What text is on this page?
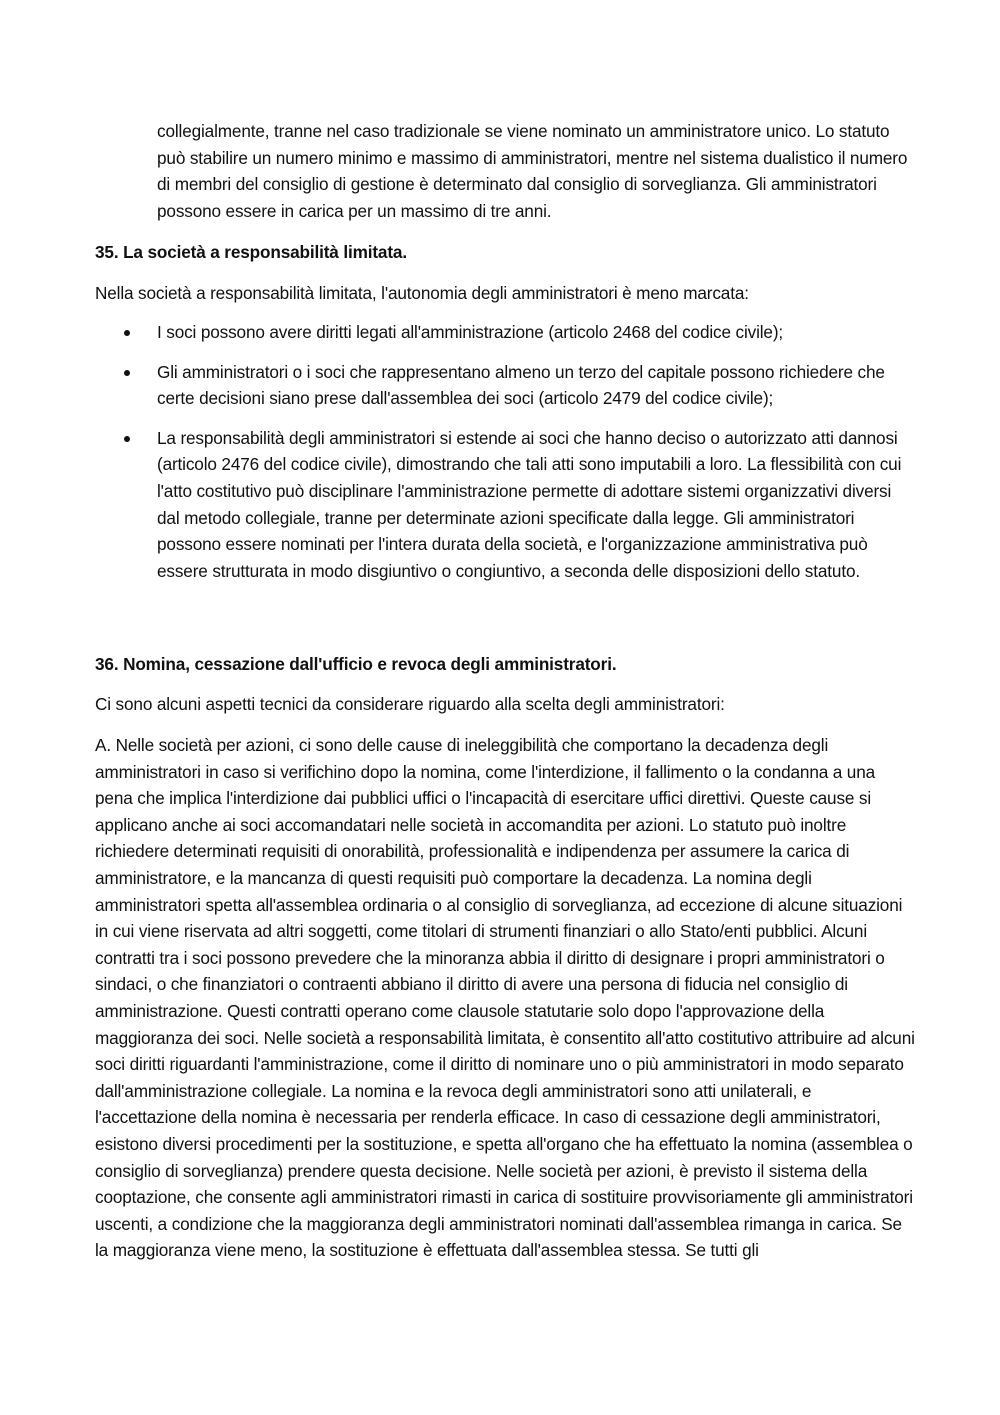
collegialmente, tranne nel caso tradizionale se viene nominato un amministratore unico. Lo statuto può stabilire un numero minimo e massimo di amministratori, mentre nel sistema dualistico il numero di membri del consiglio di gestione è determinato dal consiglio di sorveglianza. Gli amministratori possono essere in carica per un massimo di tre anni.

35. La società a responsabilità limitata.

Nella società a responsabilità limitata, l'autonomia degli amministratori è meno marcata:

I soci possono avere diritti legati all'amministrazione (articolo 2468 del codice civile);
Gli amministratori o i soci che rappresentano almeno un terzo del capitale possono richiedere che certe decisioni siano prese dall'assemblea dei soci (articolo 2479 del codice civile);
La responsabilità degli amministratori si estende ai soci che hanno deciso o autorizzato atti dannosi (articolo 2476 del codice civile), dimostrando che tali atti sono imputabili a loro. La flessibilità con cui l'atto costitutivo può disciplinare l'amministrazione permette di adottare sistemi organizzativi diversi dal metodo collegiale, tranne per determinate azioni specificate dalla legge. Gli amministratori possono essere nominati per l'intera durata della società, e l'organizzazione amministrativa può essere strutturata in modo disgiuntivo o congiuntivo, a seconda delle disposizioni dello statuto.

36. Nomina, cessazione dall'ufficio e revoca degli amministratori.

Ci sono alcuni aspetti tecnici da considerare riguardo alla scelta degli amministratori:

A. Nelle società per azioni, ci sono delle cause di ineleggibilità che comportano la decadenza degli amministratori in caso si verifichino dopo la nomina, come l'interdizione, il fallimento o la condanna a una pena che implica l'interdizione dai pubblici uffici o l'incapacità di esercitare uffici direttivi. Queste cause si applicano anche ai soci accomandatari nelle società in accomandita per azioni. Lo statuto può inoltre richiedere determinati requisiti di onorabilità, professionalità e indipendenza per assumere la carica di amministratore, e la mancanza di questi requisiti può comportare la decadenza. La nomina degli amministratori spetta all'assemblea ordinaria o al consiglio di sorveglianza, ad eccezione di alcune situazioni in cui viene riservata ad altri soggetti, come titolari di strumenti finanziari o allo Stato/enti pubblici. Alcuni contratti tra i soci possono prevedere che la minoranza abbia il diritto di designare i propri amministratori o sindaci, o che finanziatori o contraenti abbiano il diritto di avere una persona di fiducia nel consiglio di amministrazione. Questi contratti operano come clausole statutarie solo dopo l'approvazione della maggioranza dei soci. Nelle società a responsabilità limitata, è consentito all'atto costitutivo attribuire ad alcuni soci diritti riguardanti l'amministrazione, come il diritto di nominare uno o più amministratori in modo separato dall'amministrazione collegiale. La nomina e la revoca degli amministratori sono atti unilaterali, e l'accettazione della nomina è necessaria per renderla efficace. In caso di cessazione degli amministratori, esistono diversi procedimenti per la sostituzione, e spetta all'organo che ha effettuato la nomina (assemblea o consiglio di sorveglianza) prendere questa decisione. Nelle società per azioni, è previsto il sistema della cooptazione, che consente agli amministratori rimasti in carica di sostituire provvisoriamente gli amministratori uscenti, a condizione che la maggioranza degli amministratori nominati dall'assemblea rimanga in carica. Se la maggioranza viene meno, la sostituzione è effettuata dall'assemblea stessa. Se tutti gli
